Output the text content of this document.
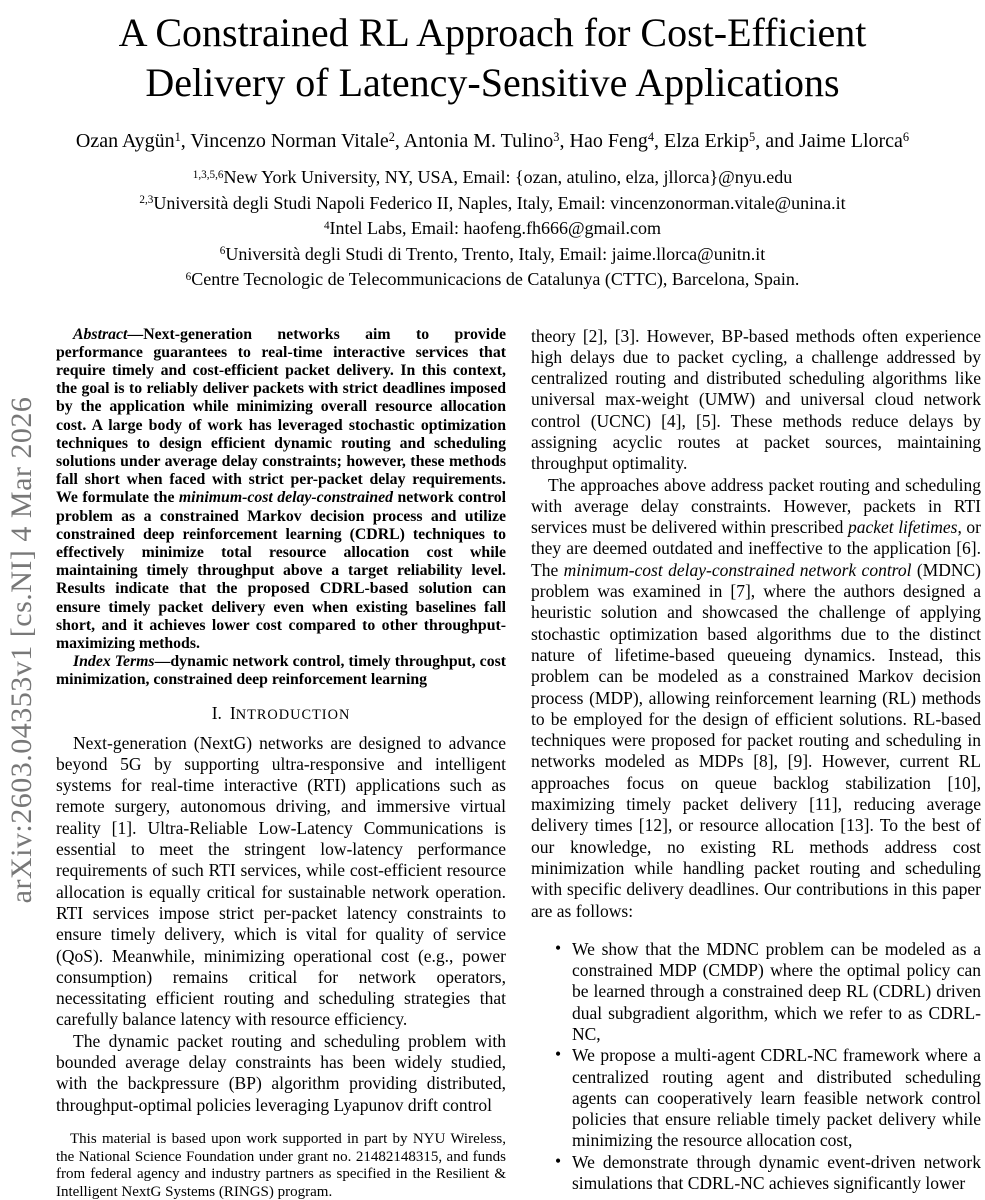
arXiv:2603.04353v1 [cs.NI] 4 Mar 2026
A Constrained RL Approach for Cost-Efficient
Delivery of Latency-Sensitive Applications
Ozan Aygün$^1$, Vincenzo Norman Vitale$^2$, Antonia M. Tulino$^3$, Hao Feng$^4$, Elza Erkip$^5$, and Jaime Llorca$^6$
$^{1,3,5,6}$New York University, NY, USA, Email: {ozan, atulino, elza, jllorca}@nyu.edu
$^{2,3}$Università degli Studi Napoli Federico II, Naples, Italy, Email: vincenzonorman.vitale@unina.it
$^4$Intel Labs, Email: haofeng.fh666@gmail.com
$^6$Università degli Studi di Trento, Trento, Italy, Email: jaime.llorca@unitn.it
$^6$Centre Tecnologic de Telecommunicacions de Catalunya (CTTC), Barcelona, Spain.

Abstract—Next-generation networks aim to provide performance guarantees to real-time interactive services that require timely and cost-efficient packet delivery. In this context, the goal is to reliably deliver packets with strict deadlines imposed by the application while minimizing overall resource allocation cost. A large body of work has leveraged stochastic optimization techniques to design efficient dynamic routing and scheduling solutions under average delay constraints; however, these methods fall short when faced with strict per-packet delay requirements. We formulate the minimum-cost delay-constrained network control problem as a constrained Markov decision process and utilize constrained deep reinforcement learning (CDRL) techniques to effectively minimize total resource allocation cost while maintaining timely throughput above a target reliability level. Results indicate that the proposed CDRL-based solution can ensure timely packet delivery even when existing baselines fall short, and it achieves lower cost compared to other throughput-maximizing methods.

Index Terms—dynamic network control, timely throughput, cost minimization, constrained deep reinforcement learning

I. INTRODUCTION

Next-generation (NextG) networks are designed to advance beyond 5G by supporting ultra-responsive and intelligent systems for real-time interactive (RTI) applications such as remote surgery, autonomous driving, and immersive virtual reality [1]. Ultra-Reliable Low-Latency Communications is essential to meet the stringent low-latency performance requirements of such RTI services, while cost-efficient resource allocation is equally critical for sustainable network operation. RTI services impose strict per-packet latency constraints to ensure timely delivery, which is vital for quality of service (QoS). Meanwhile, minimizing operational cost (e.g., power consumption) remains critical for network operators, necessitating efficient routing and scheduling strategies that carefully balance latency with resource efficiency.

The dynamic packet routing and scheduling problem with bounded average delay constraints has been widely studied, with the backpressure (BP) algorithm providing distributed, throughput-optimal policies leveraging Lyapunov drift control

This material is based upon work supported in part by NYU Wireless, the National Science Foundation under grant no. 21482148315, and funds from federal agency and industry partners as specified in the Resilient & Intelligent NextG Systems (RINGS) program.

theory [2], [3]. However, BP-based methods often experience high delays due to packet cycling, a challenge addressed by centralized routing and distributed scheduling algorithms like universal max-weight (UMW) and universal cloud network control (UCNC) [4], [5]. These methods reduce delays by assigning acyclic routes at packet sources, maintaining throughput optimality.

The approaches above address packet routing and scheduling with average delay constraints. However, packets in RTI services must be delivered within prescribed packet lifetimes, or they are deemed outdated and ineffective to the application [6]. The minimum-cost delay-constrained network control (MDNC) problem was examined in [7], where the authors designed a heuristic solution and showcased the challenge of applying stochastic optimization based algorithms due to the distinct nature of lifetime-based queueing dynamics. Instead, this problem can be modeled as a constrained Markov decision process (MDP), allowing reinforcement learning (RL) methods to be employed for the design of efficient solutions. RL-based techniques were proposed for packet routing and scheduling in networks modeled as MDPs [8], [9]. However, current RL approaches focus on queue backlog stabilization [10], maximizing timely packet delivery [11], reducing average delivery times [12], or resource allocation [13]. To the best of our knowledge, no existing RL methods address cost minimization while handling packet routing and scheduling with specific delivery deadlines. Our contributions in this paper are as follows:

• We show that the MDNC problem can be modeled as a constrained MDP (CMDP) where the optimal policy can be learned through a constrained deep RL (CDRL) driven dual subgradient algorithm, which we refer to as CDRL-NC,
• We propose a multi-agent CDRL-NC framework where a centralized routing agent and distributed scheduling agents can cooperatively learn feasible network control policies that ensure reliable timely packet delivery while minimizing the resource allocation cost,
• We demonstrate through dynamic event-driven network simulations that CDRL-NC achieves significantly lower
